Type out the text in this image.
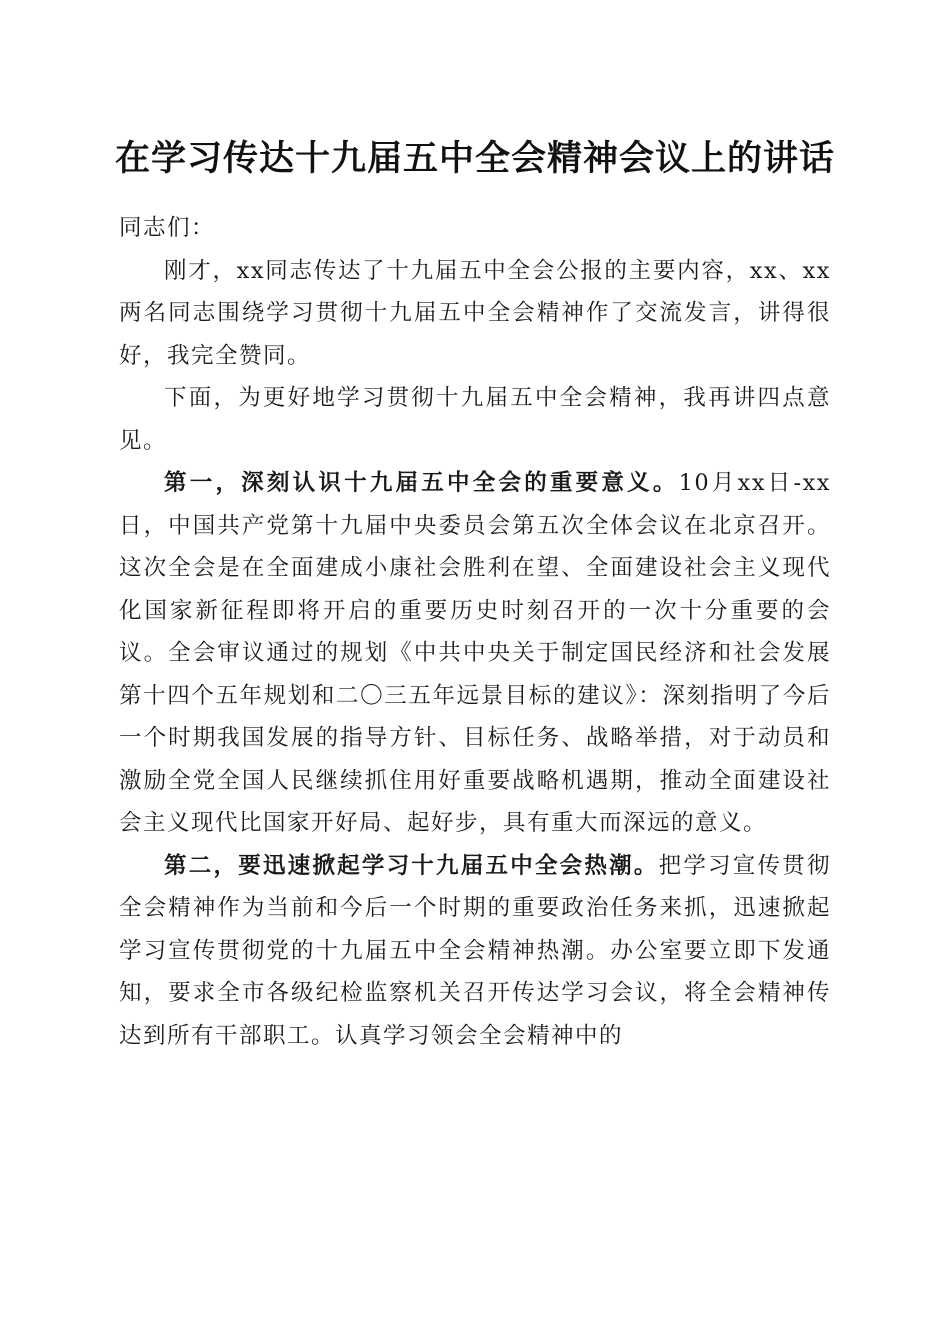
在学习传达十九届五中全会精神会议上的讲话

同志们：

刚才，xx同志传达了十九届五中全会公报的主要内容，xx、xx两名同志围绕学习贯彻十九届五中全会精神作了交流发言，讲得很好，我完全赞同。

下面，为更好地学习贯彻十九届五中全会精神，我再讲四点意见。

第一，深刻认识十九届五中全会的重要意义。10月xx日-xx日，中国共产党第十九届中央委员会第五次全体会议在北京召开。这次全会是在全面建成小康社会胜利在望、全面建设社会主义现代化国家新征程即将开启的重要历史时刻召开的一次十分重要的会议。全会审议通过的规划《中共中央关于制定国民经济和社会发展第十四个五年规划和二〇三五年远景目标的建议》：深刻指明了今后一个时期我国发展的指导方针、目标任务、战略举措，对于动员和激励全党全国人民继续抓住用好重要战略机遇期，推动全面建设社会主义现代比国家开好局、起好步，具有重大而深远的意义。

第二，要迅速掀起学习十九届五中全会热潮。把学习宣传贯彻全会精神作为当前和今后一个时期的重要政治任务来抓，迅速掀起学习宣传贯彻党的十九届五中全会精神热潮。办公室要立即下发通知，要求全市各级纪检监察机关召开传达学习会议，将全会精神传达到所有干部职工。认真学习领会全会精神中的
